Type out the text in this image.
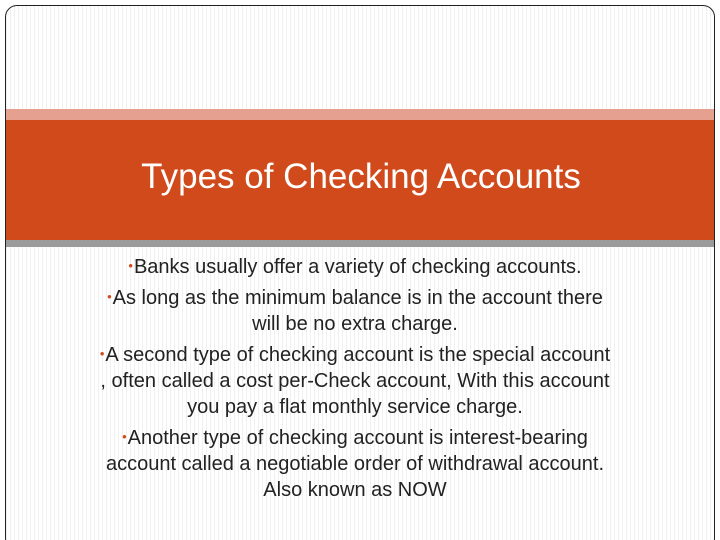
Types of Checking Accounts
•Banks usually offer a variety of checking accounts.
•As long as the minimum balance is in the account there will be no extra charge.
•A second type of checking account is the special account , often called a cost per-Check account, With this account you pay a flat monthly service charge.
•Another type of checking account is interest-bearing account called a negotiable order of withdrawal account. Also known as NOW
